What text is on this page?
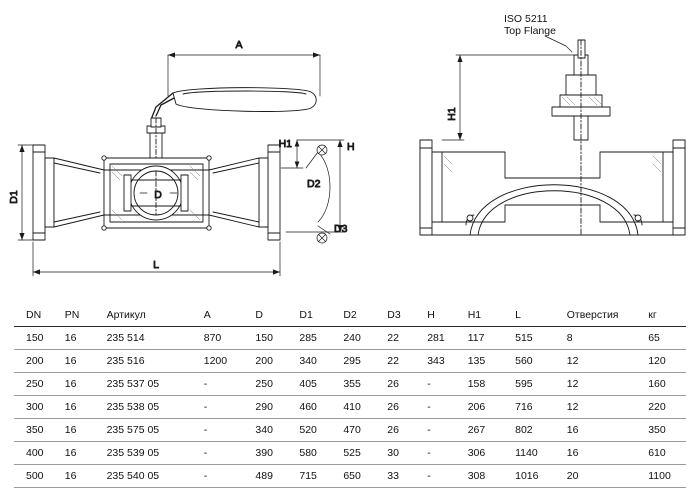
A
H
H1
D1	D
D2
D3
L
H1
ISO 5211
Top Flange
DN	PN	Артикул	A	D	D1	D2	D3	H	H1	L	Отверстия	кг
150	16	235 514	870	150	285	240	22	281	117	515	8	65
200	16	235 516	1200	200	340	295	22	343	135	560	12	120
250	16	235 537 05	-	250	405	355	26	-	158	595	12	160
300	16	235 538 05	-	290	460	410	26	-	206	716	12	220
350	16	235 575 05	-	340	520	470	26	-	267	802	16	350
400	16	235 539 05	-	390	580	525	30	-	306	1140	16	610
500	16	235 540 05	-	489	715	650	33	-	308	1016	20	1100
